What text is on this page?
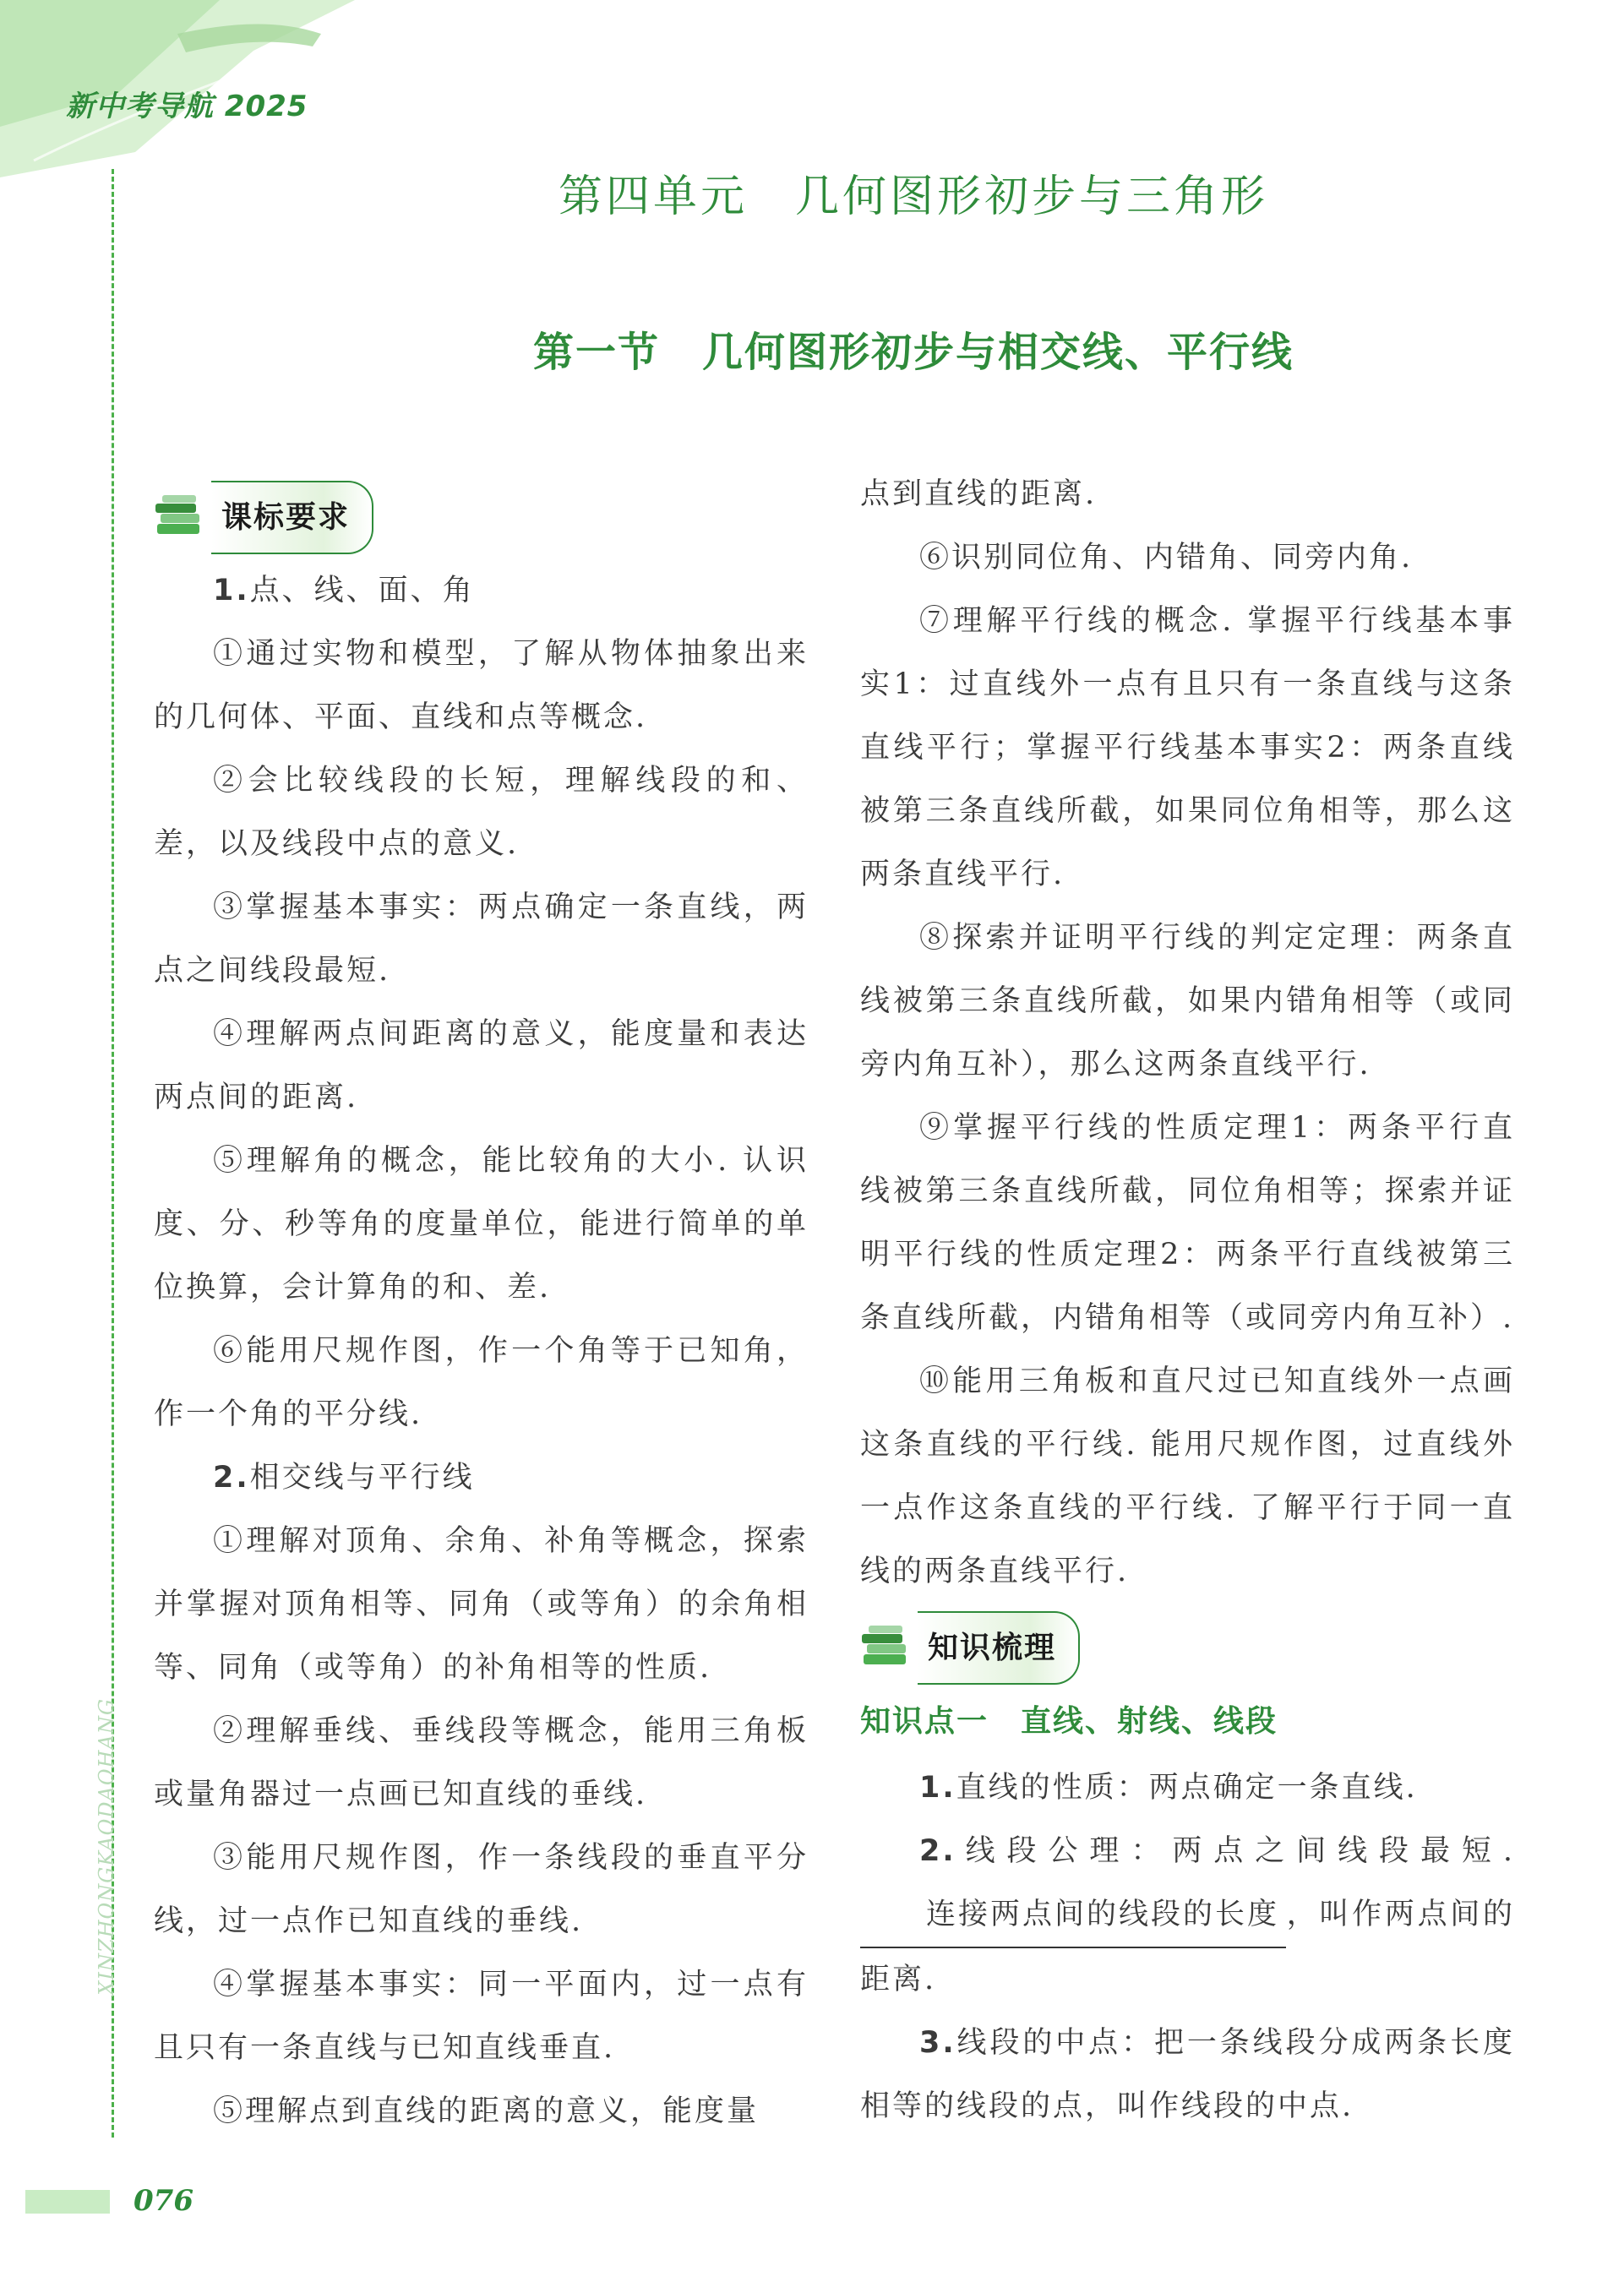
新中考导航 2025
XINZHONGKAODAOHANG
076
第四单元　几何图形初步与三角形
第一节　几何图形初步与相交线、平行线
课标要求

1.点、线、面、角

①通过实物和模型，了解从物体抽象出来的几何体、平面、直线和点等概念.

②会比较线段的长短，理解线段的和、差，以及线段中点的意义.

③掌握基本事实：两点确定一条直线，两点之间线段最短.

④理解两点间距离的意义，能度量和表达两点间的距离.

⑤理解角的概念，能比较角的大小. 认识度、分、秒等角的度量单位，能进行简单的单位换算，会计算角的和、差.

⑥能用尺规作图，作一个角等于已知角，作一个角的平分线.

2.相交线与平行线

①理解对顶角、余角、补角等概念，探索并掌握对顶角相等、同角（或等角）的余角相等、同角（或等角）的补角相等的性质.

②理解垂线、垂线段等概念，能用三角板或量角器过一点画已知直线的垂线.

③能用尺规作图，作一条线段的垂直平分线，过一点作已知直线的垂线.

④掌握基本事实：同一平面内，过一点有且只有一条直线与已知直线垂直.

⑤理解点到直线的距离的意义，能度量

点到直线的距离.

⑥识别同位角、内错角、同旁内角.

⑦理解平行线的概念. 掌握平行线基本事实1：过直线外一点有且只有一条直线与这条直线平行；掌握平行线基本事实2：两条直线被第三条直线所截，如果同位角相等，那么这两条直线平行.

⑧探索并证明平行线的判定定理：两条直线被第三条直线所截，如果内错角相等（或同旁内角互补），那么这两条直线平行.

⑨掌握平行线的性质定理1：两条平行直线被第三条直线所截，同位角相等；探索并证明平行线的性质定理2：两条平行直线被第三条直线所截，内错角相等（或同旁内角互补）.

⑩能用三角板和直尺过已知直线外一点画这条直线的平行线. 能用尺规作图，过直线外一点作这条直线的平行线. 了解平行于同一直线的两条直线平行.

知识梳理
知识点一　直线、射线、线段

1.直线的性质：两点确定一条直线.

2.线段公理：两点之间线段最短.连接两点间的线段的长度 ，叫作两点间的距离.

3.线段的中点：把一条线段分成两条长度相等的线段的点，叫作线段的中点.
